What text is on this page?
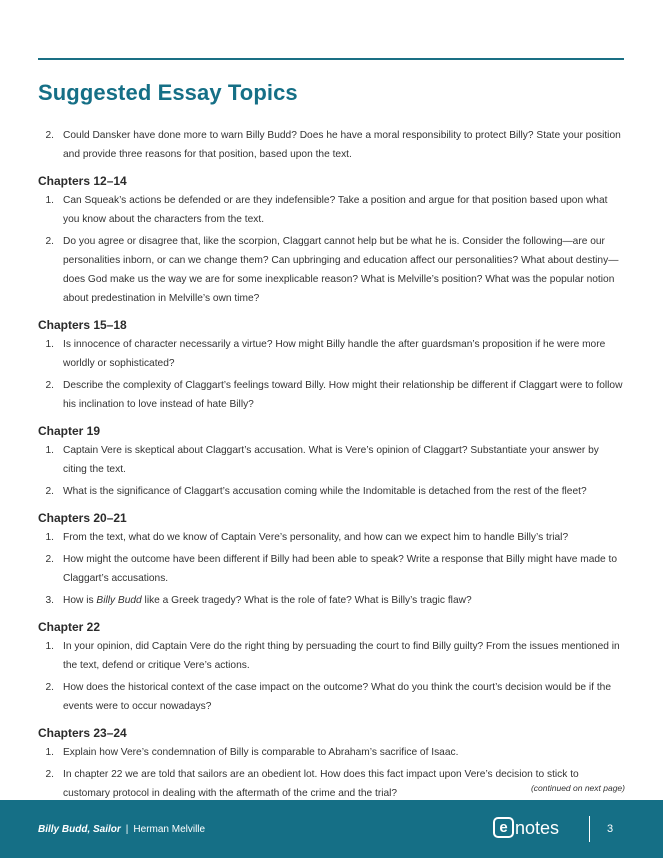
Suggested Essay Topics
2. Could Dansker have done more to warn Billy Budd? Does he have a moral responsibility to protect Billy? State your position and provide three reasons for that position, based upon the text.
Chapters 12–14
1. Can Squeak’s actions be defended or are they indefensible? Take a position and argue for that position based upon what you know about the characters from the text.
2. Do you agree or disagree that, like the scorpion, Claggart cannot help but be what he is. Consider the following—are our personalities inborn, or can we change them? Can upbringing and education affect our personalities? What about destiny—does God make us the way we are for some inexplicable reason? What is Melville’s position? What was the popular notion about predestination in Melville’s own time?
Chapters 15–18
1. Is innocence of character necessarily a virtue? How might Billy handle the after guardsman’s proposition if he were more worldly or sophisticated?
2. Describe the complexity of Claggart’s feelings toward Billy. How might their relationship be different if Claggart were to follow his inclination to love instead of hate Billy?
Chapter 19
1. Captain Vere is skeptical about Claggart’s accusation. What is Vere’s opinion of Claggart? Substantiate your answer by citing the text.
2. What is the significance of Claggart’s accusation coming while the Indomitable is detached from the rest of the fleet?
Chapters 20–21
1. From the text, what do we know of Captain Vere’s personality, and how can we expect him to handle Billy’s trial?
2. How might the outcome have been different if Billy had been able to speak? Write a response that Billy might have made to Claggart’s accusations.
3. How is Billy Budd like a Greek tragedy? What is the role of fate? What is Billy’s tragic flaw?
Chapter 22
1. In your opinion, did Captain Vere do the right thing by persuading the court to find Billy guilty? From the issues mentioned in the text, defend or critique Vere’s actions.
2. How does the historical context of the case impact on the outcome? What do you think the court’s decision would be if the events were to occur nowadays?
Chapters 23–24
1. Explain how Vere’s condemnation of Billy is comparable to Abraham’s sacrifice of Isaac.
2. In chapter 22 we are told that sailors are an obedient lot. How does this fact impact upon Vere’s decision to stick to customary protocol in dealing with the aftermath of the crime and the trial?	(continued on next page)
Billy Budd, Sailor | Herman Melville	e notes	3
